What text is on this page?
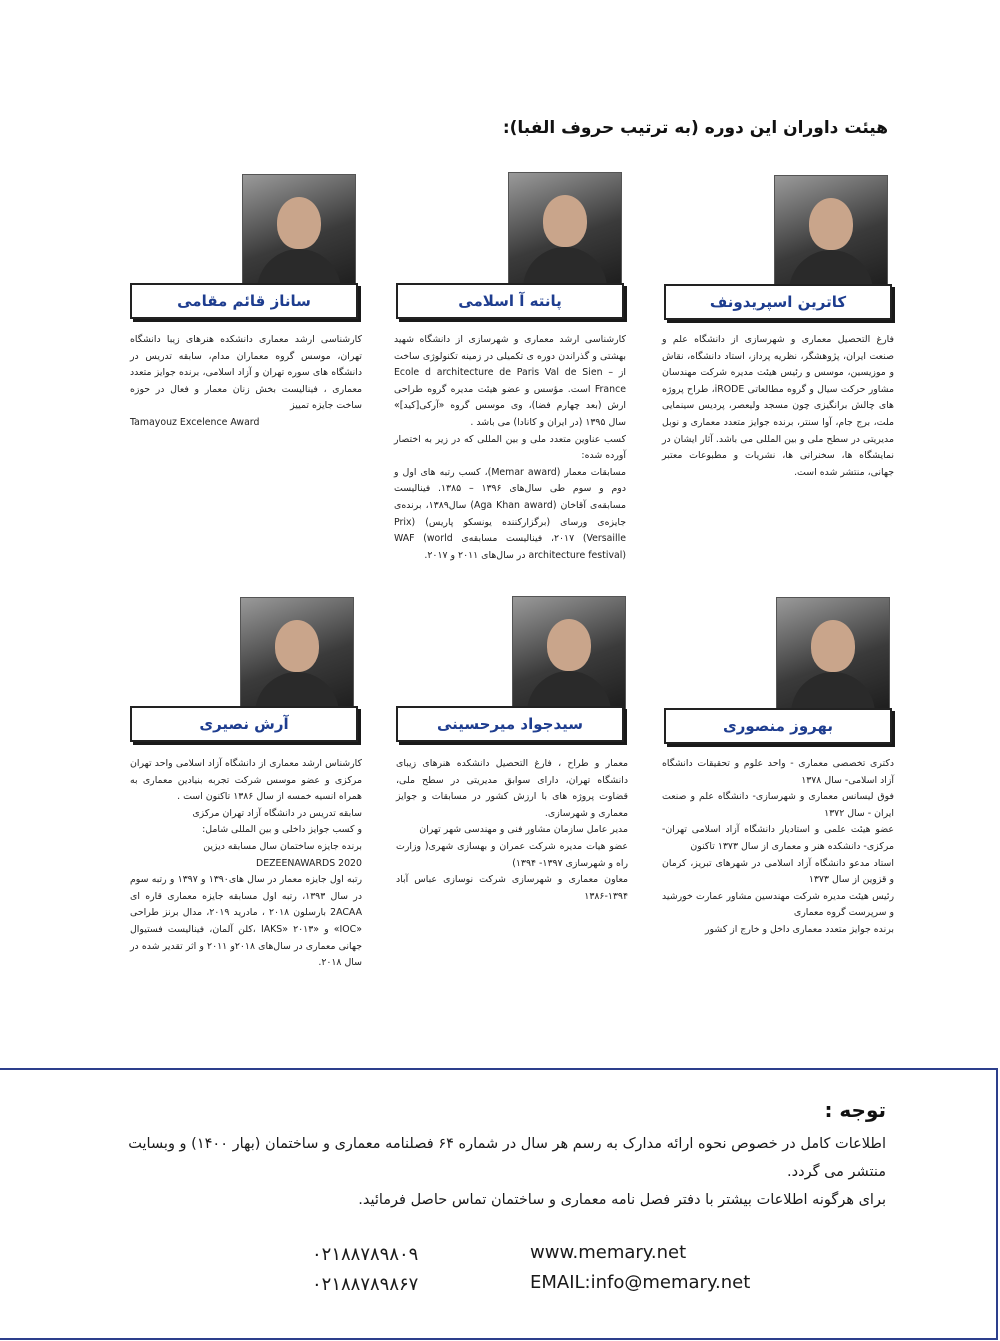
هیئت داوران این دوره (به ترتیب حروف الفبا):
کاترین اسپریدونف

فارغ التحصیل معماری و شهرسازی از دانشگاه علم و صنعت ایران، پژوهشگر، نظریه پرداز، استاد دانشگاه، نقاش و موزیسین، موسس و رئیس هیئت مدیره شرکت مهندسان مشاور حرکت سیال و گروه مطالعاتی iRODE، طراح پروژه های چالش برانگیزی چون مسجد ولیعصر، پردیس سینمایی ملت، برج جام، آوا سنتر، برنده جوایز متعدد معماری و نوبل مدیریتی در سطح ملی و بین المللی می باشد. آثار ایشان در نمایشگاه ها، سخنرانی ها، نشریات و مطبوعات معتبر جهانی، منتشر شده است.

پانته آ اسلامی

کارشناسی ارشد معماری و شهرسازی از دانشگاه شهید بهشتی و گذراندن دوره ی تکمیلی در زمینه تکنولوژی ساخت از Ecole d architecture de Paris Val de Sien – France است. مؤسس و عضو هیئت مدیره گروه طراحی ارش (بعد چهارم فضا)، وی موسس گروه «آرکی[کید]» سال ۱۳۹۵ (در ایران و کانادا) می باشد .

کسب عناوین متعدد ملی و بین المللی که در زیر به اختصار آورده شده:

مسابقات معمار (Memar award)، کسب رتبه های اول و دوم و سوم طی سال‌های ۱۳۹۶ – ۱۳۸۵. فینالیست مسابقه‌ی آقاخان (Aga Khan award) سال۱۳۸۹، برنده‌ی جایزه‌ی ورسای (برگزارکننده یونسکو پاریس) (Prix Versaille) ۲۰۱۷، فینالیست مسابقه‌ی WAF (world architecture festival) در سال‌های ۲۰۱۱ و ۲۰۱۷.

ساناز قائم مقامی

کارشناسی ارشد معماری دانشکده هنرهای زیبا دانشگاه تهران، موسس گروه معماران مدام، سابقه تدریس در دانشگاه های سوره تهران و آزاد اسلامی، برنده جوایز متعدد معماری ، فینالیست بخش زنان معمار و فعال در حوزه ساخت جایزه تمییز

Tamayouz Excelence Award

بهروز منصوری

دکتری تخصصی معماری - واحد علوم و تحقیقات دانشگاه آزاد اسلامی- سال ۱۳۷۸

فوق لیسانس معماری و شهرسازی- دانشگاه علم و صنعت ایران - سال ۱۳۷۲

عضو هیئت علمی و استادیار دانشگاه آزاد اسلامی تهران- مرکزی- دانشکده هنر و معماری از سال ۱۳۷۳ تاکنون

استاد مدعو دانشگاه آزاد اسلامی در شهرهای تبریز، کرمان و قزوین از سال ۱۳۷۳

رئیس هیئت مدیره شرکت مهندسین مشاور عمارت خورشید و سرپرست گروه معماری

برنده جوایز متعدد معماری داخل و خارج از کشور

سیدجواد میرحسینی

معمار و طراح ، فارغ التحصیل دانشکده هنرهای زیبای دانشگاه تهران، دارای سوابق مدیریتی در سطح ملی، قضاوت پروژه های با ارزش کشور در مسابقات و جوایز معماری و شهرسازی.

مدیر عامل سازمان مشاور فنی و مهندسی شهر تهران

عضو هیات مدیره شرکت عمران و بهسازی شهری( وزارت راه و شهرسازی ۱۳۹۷- ۱۳۹۴)

معاون معماری و شهرسازی شرکت نوسازی عباس آباد ۱۳۹۴-۱۳۸۶

آرش نصیری

کارشناس ارشد معماری از دانشگاه آزاد اسلامی واحد تهران مرکزی و عضو موسس شرکت تجربه بنیادین معماری به همراه انسیه خمسه از سال ۱۳۸۶ تاکنون است .

سابقه تدریس در دانشگاه آزاد تهران مرکزی

و کسب جوایز داخلی و بین المللی شامل:

برنده جایزه ساختمان سال مسابقه دیزین

DEZEENAWARDS 2020

رتبه اول جایزه معمار در سال های۱۳۹۰ و ۱۳۹۷ و رتبه سوم در سال ۱۳۹۳، رتبه اول مسابقه جایزه معماری قاره ای 2ACAA بارسلون ۲۰۱۸ ، مادرید ۲۰۱۹، مدال برنز طراحی «IOC» و «IAKS» ۲۰۱۳ ،کلن آلمان، فینالیست فستیوال جهانی معماری در سال‌های ۲۰۱۸و ۲۰۱۱ و اثر تقدیر شده در سال ۲۰۱۸.

توجه :

اطلاعات کامل در خصوص نحوه ارائه مدارک به رسم هر سال در شماره ۶۴ فصلنامه معماری و ساختمان (بهار ۱۴۰۰) و وبسایت منتشر می گردد.

برای هرگونه اطلاعات بیشتر با دفتر فصل نامه معماری و ساختمان تماس حاصل فرمائید.

www.memary.net
EMAIL:info@memary.net
۰۲۱۸۸۷۸۹۸۰۹
۰۲۱۸۸۷۸۹۸۶۷
